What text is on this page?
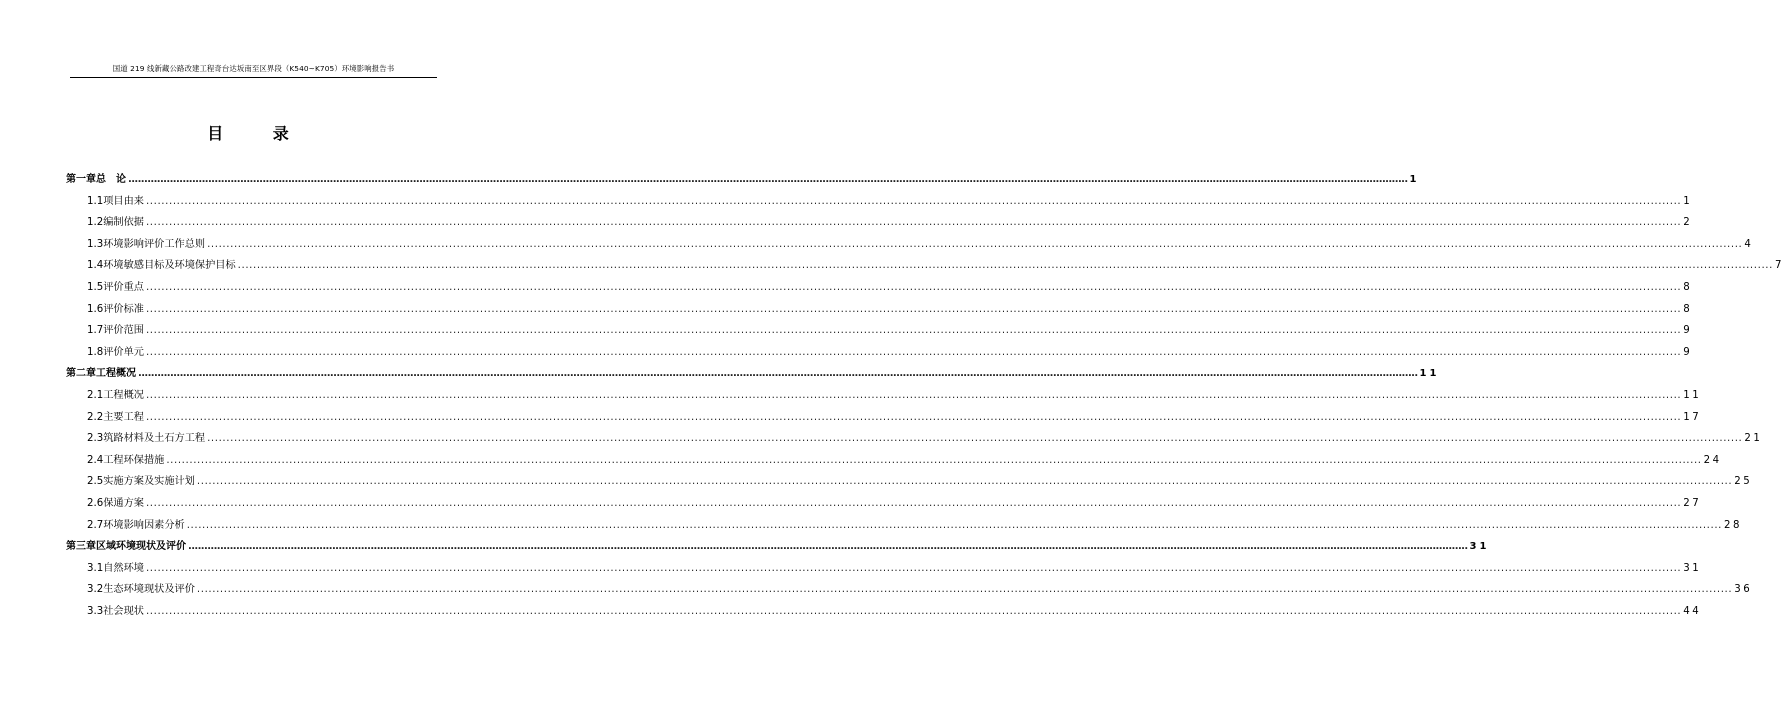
国道 219 线新藏公路改建工程奇台达坂南至区界段（K540~K705）环境影响报告书
目 录
第一章 总　论 ................................................................................................................................................................................................................................................................................................................................................................................................................ 1
1.1 项目由来 ................................................................................................................................................................................................................................................................................................................................................................................................................ 1
1.2 编制依据 ................................................................................................................................................................................................................................................................................................................................................................................................................ 2
1.3 环境影响评价工作总则 ................................................................................................................................................................................................................................................................................................................................................................................................................ 4
1.4 环境敏感目标及环境保护目标 ................................................................................................................................................................................................................................................................................................................................................................................................................ 7
1.5 评价重点 ................................................................................................................................................................................................................................................................................................................................................................................................................ 8
1.6 评价标准 ................................................................................................................................................................................................................................................................................................................................................................................................................ 8
1.7 评价范围 ................................................................................................................................................................................................................................................................................................................................................................................................................ 9
1.8 评价单元 ................................................................................................................................................................................................................................................................................................................................................................................................................ 9
第二章 工程概况 ................................................................................................................................................................................................................................................................................................................................................................................................................ 11
2.1 工程概况 ................................................................................................................................................................................................................................................................................................................................................................................................................ 11
2.2 主要工程 ................................................................................................................................................................................................................................................................................................................................................................................................................ 17
2.3 筑路材料及土石方工程 ................................................................................................................................................................................................................................................................................................................................................................................................................ 21
2.4 工程环保措施 ................................................................................................................................................................................................................................................................................................................................................................................................................ 24
2.5 实施方案及实施计划 ................................................................................................................................................................................................................................................................................................................................................................................................................ 25
2.6 保通方案 ................................................................................................................................................................................................................................................................................................................................................................................................................ 27
2.7 环境影响因素分析 ................................................................................................................................................................................................................................................................................................................................................................................................................ 28
第三章 区域环境现状及评价 ................................................................................................................................................................................................................................................................................................................................................................................................................ 31
3.1 自然环境 ................................................................................................................................................................................................................................................................................................................................................................................................................ 31
3.2 生态环境现状及评价 ................................................................................................................................................................................................................................................................................................................................................................................................................ 36
3.3 社会现状 ................................................................................................................................................................................................................................................................................................................................................................................................................ 44
